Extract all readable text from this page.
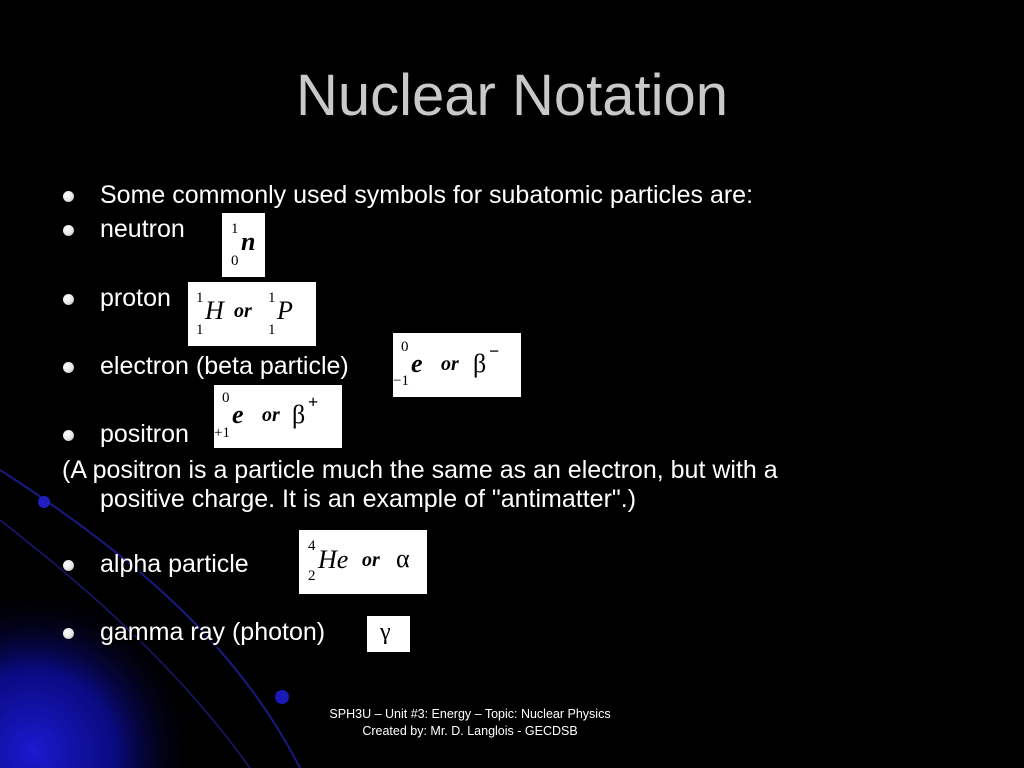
Nuclear Notation
Some commonly used symbols for subatomic particles are:
neutron	1
0
n
proton 1
1
H or
1
1
P
electron (beta particle)
0
−1
e or β −
positron
0
+1
e or β +
(A positron is a particle much the same as an electron, but with a
positive charge. It is an example of "antimatter".)
alpha particle
4
2
He or α
gamma ray (photon) γ
SPH3U – Unit #3: Energy – Topic: Nuclear Physics
Created by: Mr. D. Langlois - GECDSB
